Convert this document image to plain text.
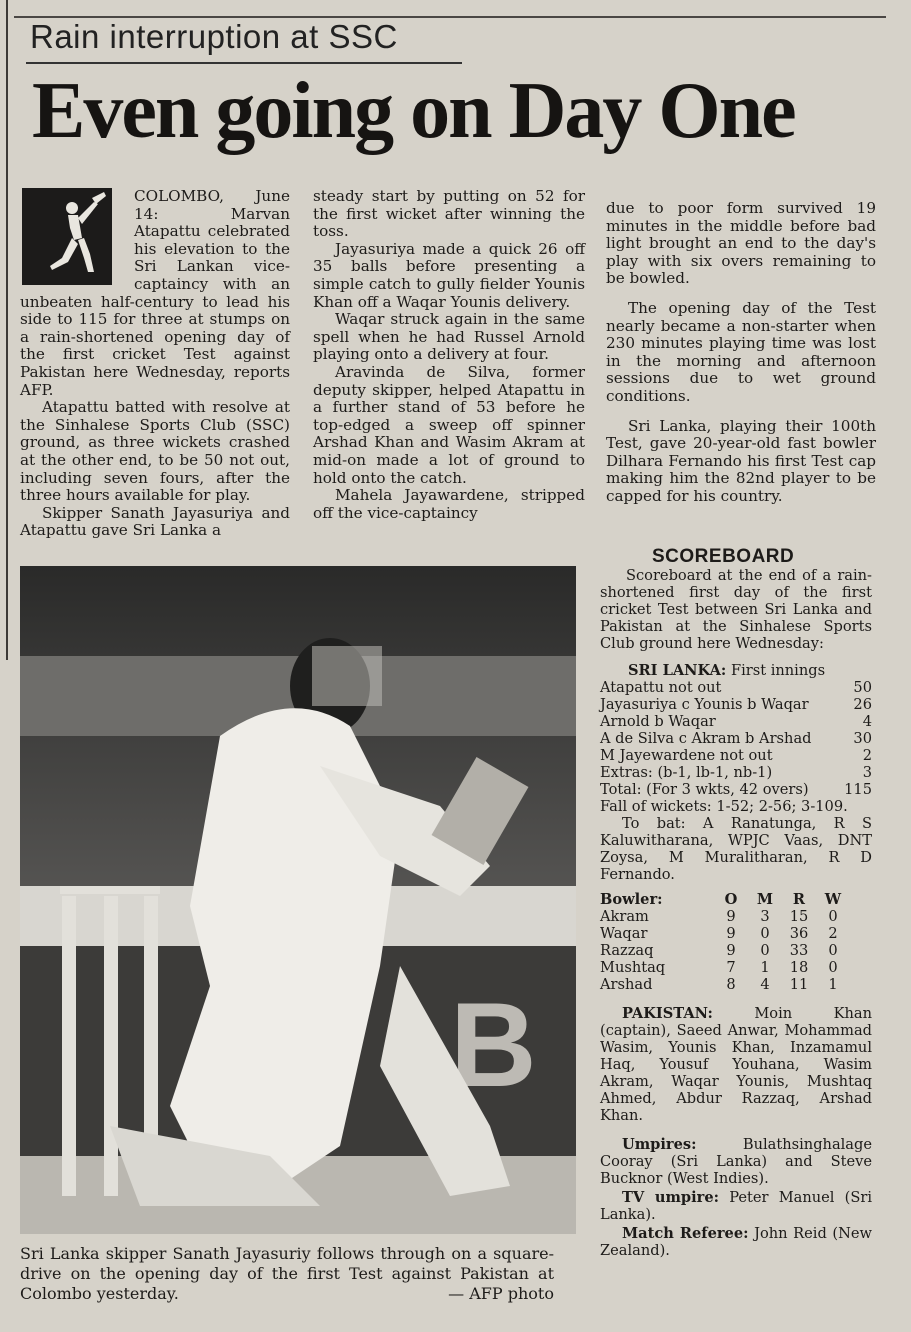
Rain interruption at SSC
Even going on Day One

COLOMBO, June 14: Marvan Atapattu celebrated his elevation to the Sri Lankan vice-captaincy with an unbeaten half-century to lead his side to 115 for three at stumps on a rain-shortened opening day of the first cricket Test against Pakistan here Wednesday, reports AFP.

Atapattu batted with resolve at the Sinhalese Sports Club (SSC) ground, as three wickets crashed at the other end, to be 50 not out, including seven fours, after the three hours available for play.

Skipper Sanath Jayasuriya and Atapattu gave Sri Lanka a

steady start by putting on 52 for the first wicket after winning the toss.

Jayasuriya made a quick 26 off 35 balls before presenting a simple catch to gully fielder Younis Khan off a Waqar Younis delivery.

Waqar struck again in the same spell when he had Russel Arnold playing onto a delivery at four.

Aravinda de Silva, former deputy skipper, helped Atapattu in a further stand of 53 before he top-edged a sweep off spinner Arshad Khan and Wasim Akram at mid-on made a lot of ground to hold onto the catch.

Mahela Jayawardene, stripped off the vice-captaincy

due to poor form survived 19 minutes in the middle before bad light brought an end to the day's play with six overs remaining to be bowled.

The opening day of the Test nearly became a non-starter when 230 minutes playing time was lost in the morning and afternoon sessions due to wet ground conditions.

Sri Lanka, playing their 100th Test, gave 20-year-old fast bowler Dilhara Fernando his first Test cap making him the 82nd player to be capped for his country.

B
Sri Lanka skipper Sanath Jayasuriy follows through on a square-drive on the opening day of the first Test against Pakistan at Colombo yesterday.	— AFP photo
SCOREBOARD

Scoreboard at the end of a rain-shortened first day of the first cricket Test between Sri Lanka and Pakistan at the Sinhalese Sports Club ground here Wednesday:

SRI LANKA: First innings
Atapattu not out	50
Jayasuriya c Younis b Waqar	26
Arnold b Waqar	4
A de Silva c Akram b Arshad	30
M Jayewardene not out	2
Extras: (b-1, lb-1, nb-1)	3
Total: (For 3 wkts, 42 overs) 115
Fall of wickets: 1-52; 2-56; 3-109.
To bat: A Ranatunga, R S Kaluwitharana, WPJC Vaas, DNT Zoysa, M Muralitharan, R D Fernando.
Bowler:	O	M	R	W
Akram	9	3	15	0
Waqar	9	0	36	2
Razzaq	9	0	33	0
Mushtaq	7	1	18	0
Arshad	8	4	11	1

PAKISTAN:	Moin Khan (captain), Saeed Anwar, Mohammad Wasim, Younis Khan, Inzamamul Haq, Yousuf Youhana, Wasim Akram, Waqar Younis, Mushtaq Ahmed, Abdur Razzaq, Arshad Khan.

Umpires:	Bulathsinghalage Cooray (Sri Lanka) and Steve Bucknor (West Indies).

TV umpire: Peter Manuel (Sri Lanka).

Match Referee: John Reid (New Zealand).
